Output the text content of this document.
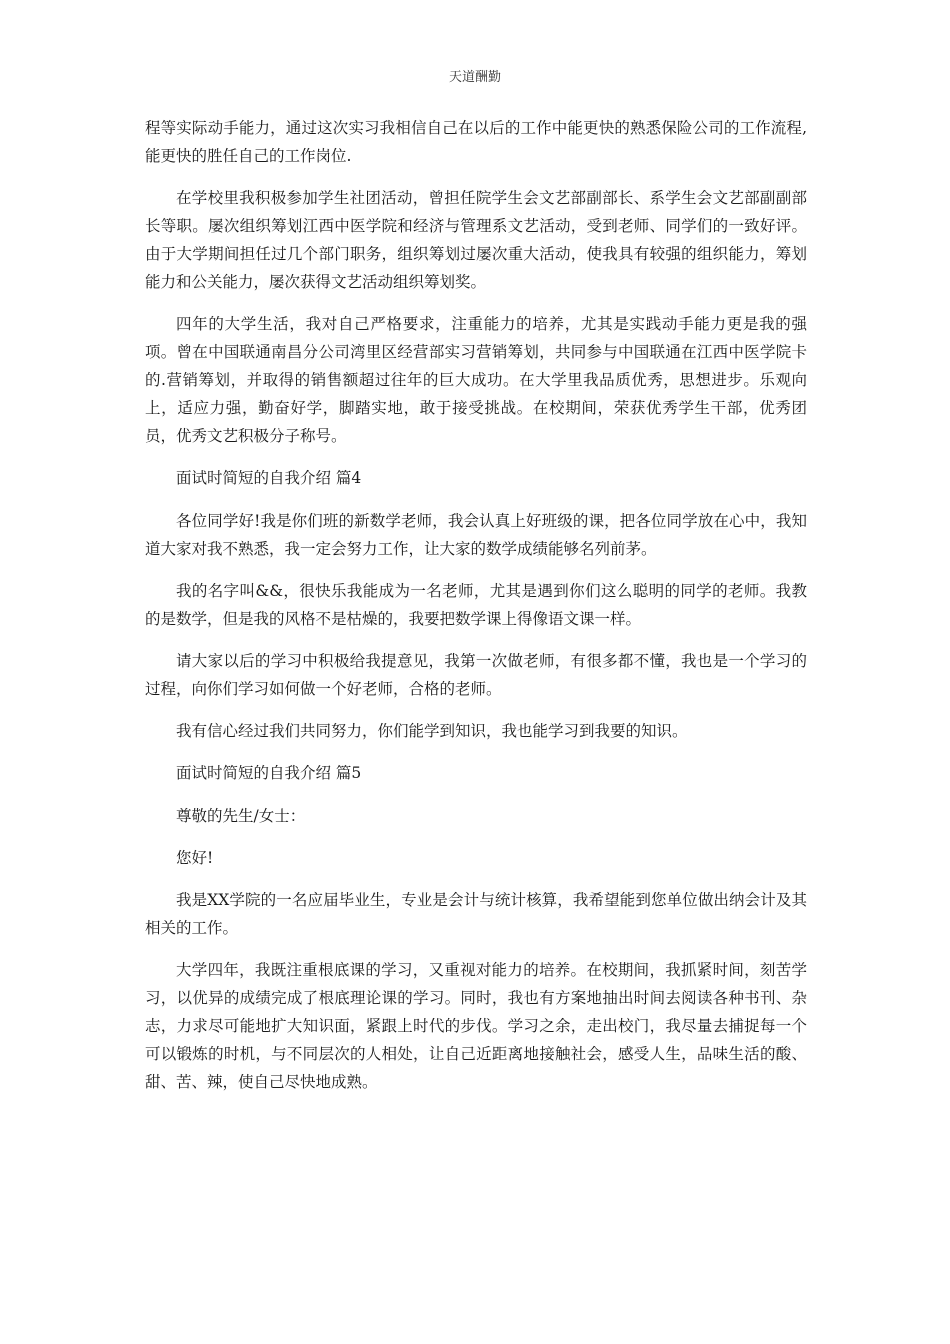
天道酬勤

程等实际动手能力，通过这次实习我相信自己在以后的工作中能更快的熟悉保险公司的工作流程,能更快的胜任自己的工作岗位.

在学校里我积极参加学生社团活动，曾担任院学生会文艺部副部长、系学生会文艺部副副部长等职。屡次组织筹划江西中医学院和经济与管理系文艺活动，受到老师、同学们的一致好评。由于大学期间担任过几个部门职务，组织筹划过屡次重大活动，使我具有较强的组织能力，筹划能力和公关能力，屡次获得文艺活动组织筹划奖。

四年的大学生活，我对自己严格要求，注重能力的培养，尤其是实践动手能力更是我的强项。曾在中国联通南昌分公司湾里区经营部实习营销筹划，共同参与中国联通在江西中医学院卡的.营销筹划，并取得的销售额超过往年的巨大成功。在大学里我品质优秀，思想进步。乐观向上，适应力强，勤奋好学，脚踏实地，敢于接受挑战。在校期间，荣获优秀学生干部，优秀团员，优秀文艺积极分子称号。

面试时简短的自我介绍 篇4

各位同学好!我是你们班的新数学老师，我会认真上好班级的课，把各位同学放在心中，我知道大家对我不熟悉，我一定会努力工作，让大家的数学成绩能够名列前茅。

我的名字叫&&，很快乐我能成为一名老师，尤其是遇到你们这么聪明的同学的老师。我教的是数学，但是我的风格不是枯燥的，我要把数学课上得像语文课一样。

请大家以后的学习中积极给我提意见，我第一次做老师，有很多都不懂，我也是一个学习的过程，向你们学习如何做一个好老师，合格的老师。

我有信心经过我们共同努力，你们能学到知识，我也能学习到我要的知识。

面试时简短的自我介绍 篇5

尊敬的先生/女士：

您好!

我是XX学院的一名应届毕业生，专业是会计与统计核算，我希望能到您单位做出纳会计及其相关的工作。

大学四年，我既注重根底课的学习，又重视对能力的培养。在校期间，我抓紧时间，刻苦学习，以优异的成绩完成了根底理论课的学习。同时，我也有方案地抽出时间去阅读各种书刊、杂志，力求尽可能地扩大知识面，紧跟上时代的步伐。学习之余，走出校门，我尽量去捕捉每一个可以锻炼的时机，与不同层次的人相处，让自己近距离地接触社会，感受人生，品味生活的酸、甜、苦、辣，使自己尽快地成熟。
